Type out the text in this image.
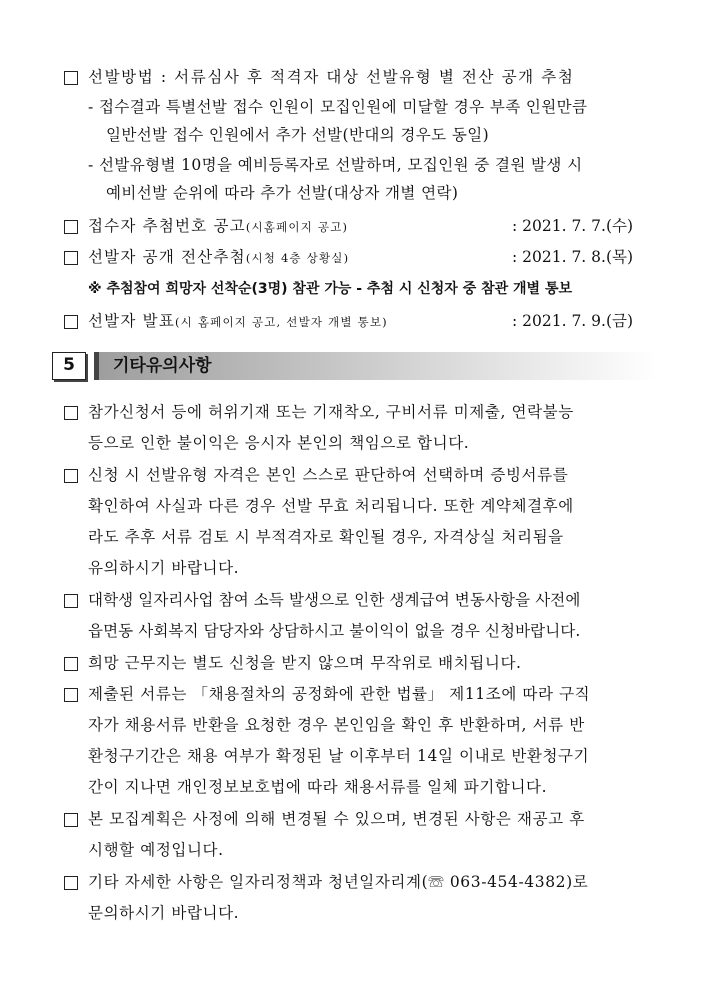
선발방법 : 서류심사 후 적격자 대상 선발유형 별 전산 공개 추첨
- 접수결과 특별선발 접수 인원이 모집인원에 미달할 경우 부족 인원만큼
일반선발 접수 인원에서 추가 선발(반대의 경우도 동일)
- 선발유형별 10명을 예비등록자로 선발하며, 모집인원 중 결원 발생 시
예비선발 순위에 따라 추가 선발(대상자 개별 연락)
접수자 추첨번호 공고(시홈페이지 공고)	: 2021. 7. 7.(수)
선발자 공개 전산추첨(시청 4층 상황실)	: 2021. 7. 8.(목)
※ 추첨참여 희망자 선착순(3명) 참관 가능 - 추첨 시 신청자 중 참관 개별 통보
선발자 발표(시 홈페이지 공고, 선발자 개별 통보)	: 2021. 7. 9.(금)
5	기타유의사항
참가신청서 등에 허위기재 또는 기재착오, 구비서류 미제출, 연락불능
등으로 인한 불이익은 응시자 본인의 책임으로 합니다.
신청 시 선발유형 자격은 본인 스스로 판단하여 선택하며 증빙서류를
확인하여 사실과 다른 경우 선발 무효 처리됩니다. 또한 계약체결후에
라도 추후 서류 검토 시 부적격자로 확인될 경우, 자격상실 처리됨을
유의하시기 바랍니다.
대학생 일자리사업 참여 소득 발생으로 인한 생계급여 변동사항을 사전에
읍면동 사회복지 담당자와 상담하시고 불이익이 없을 경우 신청바랍니다.
희망 근무지는 별도 신청을 받지 않으며 무작위로 배치됩니다.
제출된 서류는 「채용절차의 공정화에 관한 법률」 제11조에 따라 구직
자가 채용서류 반환을 요청한 경우 본인임을 확인 후 반환하며, 서류 반
환청구기간은 채용 여부가 확정된 날 이후부터 14일 이내로 반환청구기
간이 지나면 개인정보보호법에 따라 채용서류를 일체 파기합니다.
본 모집계획은 사정에 의해 변경될 수 있으며, 변경된 사항은 재공고 후
시행할 예정입니다.
기타 자세한 사항은 일자리정책과 청년일자리계(☏ 063-454-4382)로
문의하시기 바랍니다.
